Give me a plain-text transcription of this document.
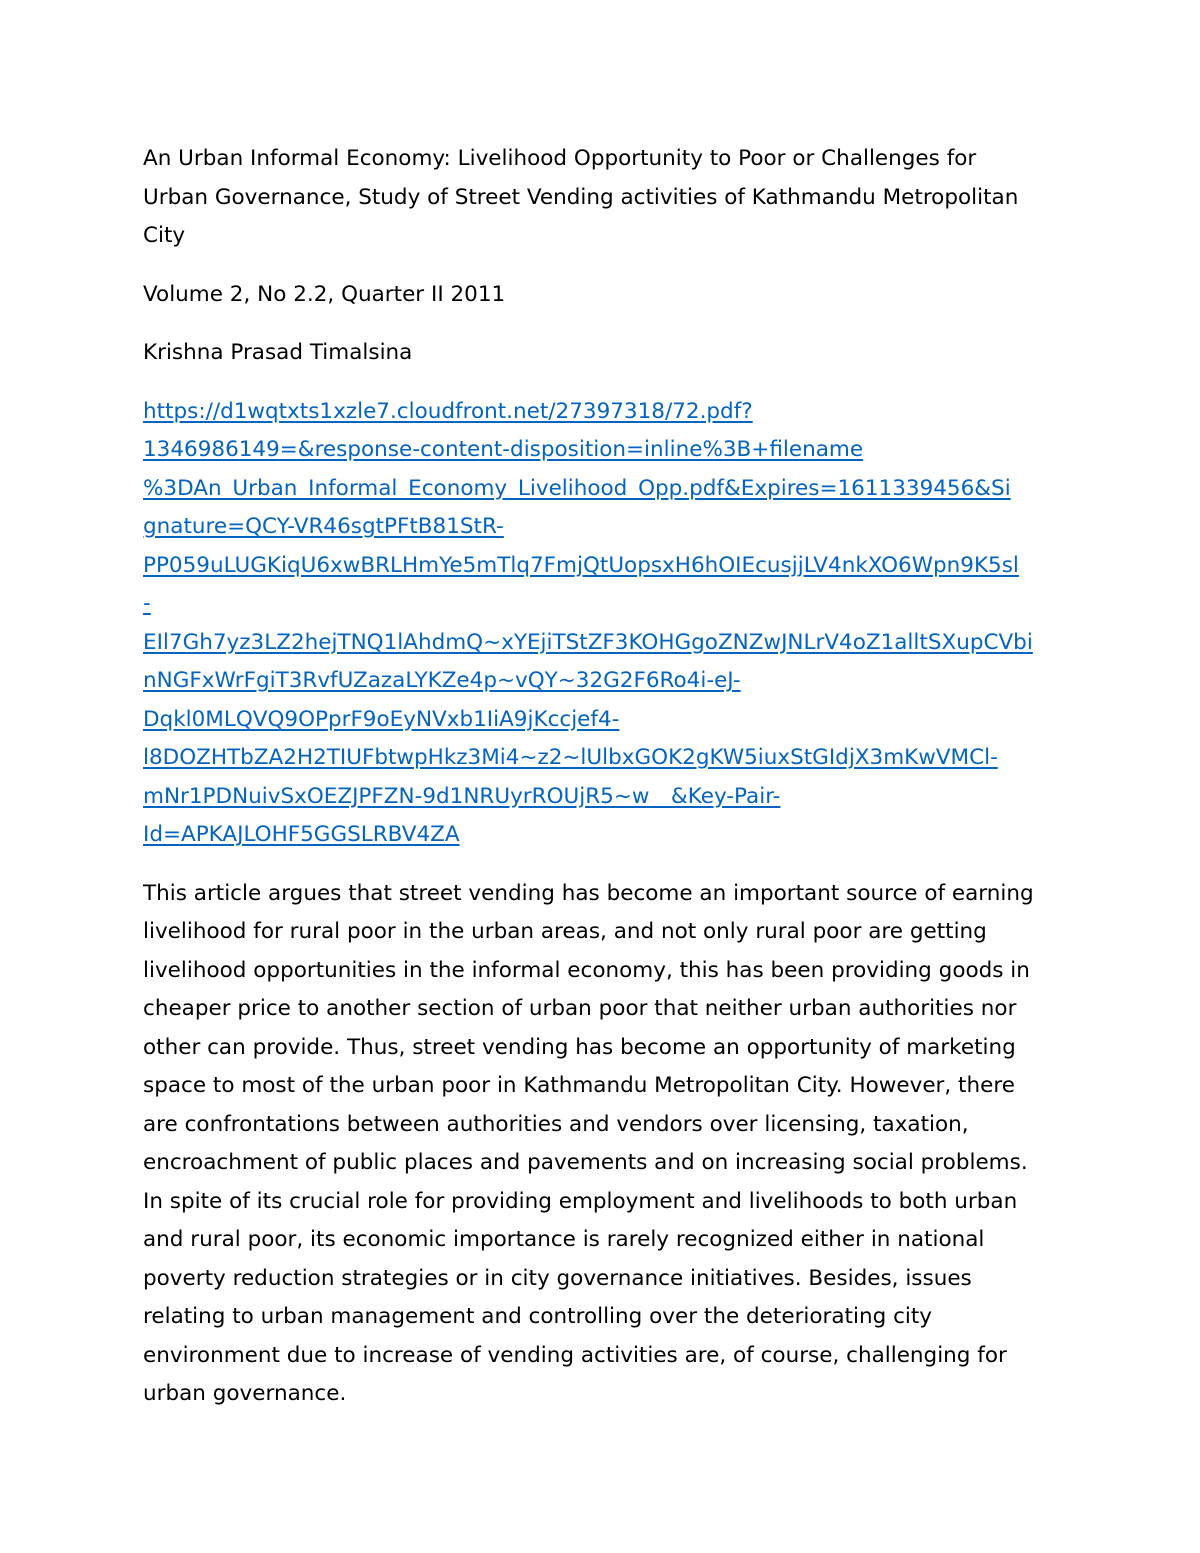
An Urban Informal Economy: Livelihood Opportunity to Poor or Challenges for
Urban Governance, Study of Street Vending activities of Kathmandu Metropolitan
City
Volume 2, No 2.2, Quarter II 2011
Krishna Prasad Timalsina
https://d1wqtxts1xzle7.cloudfront.net/27397318/72.pdf?
1346986149=&response-content-disposition=inline%3B+filename
%3DAn_Urban_Informal_Economy_Livelihood_Opp.pdf&Expires=1611339456&Si
gnature=QCY-VR46sgtPFtB81StR-
PP059uLUGKiqU6xwBRLHmYe5mTlq7FmjQtUopsxH6hOIEcusjjLV4nkXO6Wpn9K5sl
-
EIl7Gh7yz3LZ2hejTNQ1lAhdmQ~xYEjiTStZF3KOHGgoZNZwJNLrV4oZ1alltSXupCVbi
nNGFxWrFgiT3RvfUZazaLYKZe4p~vQY~32G2F6Ro4i-eJ-
Dqkl0MLQVQ9OPprF9oEyNVxb1IiA9jKccjef4-
l8DOZHTbZA2H2TIUFbtwpHkz3Mi4~z2~lUlbxGOK2gKW5iuxStGIdjX3mKwVMCl-
mNr1PDNuivSxOEZJPFZN-9d1NRUyrROUjR5~w__&Key-Pair-
Id=APKAJLOHF5GGSLRBV4ZA
This article argues that street vending has become an important source of earning
livelihood for rural poor in the urban areas, and not only rural poor are getting
livelihood opportunities in the informal economy, this has been providing goods in
cheaper price to another section of urban poor that neither urban authorities nor
other can provide. Thus, street vending has become an opportunity of marketing
space to most of the urban poor in Kathmandu Metropolitan City. However, there
are confrontations between authorities and vendors over licensing, taxation,
encroachment of public places and pavements and on increasing social problems.
In spite of its crucial role for providing employment and livelihoods to both urban
and rural poor, its economic importance is rarely recognized either in national
poverty reduction strategies or in city governance initiatives. Besides, issues
relating to urban management and controlling over the deteriorating city
environment due to increase of vending activities are, of course, challenging for
urban governance.
